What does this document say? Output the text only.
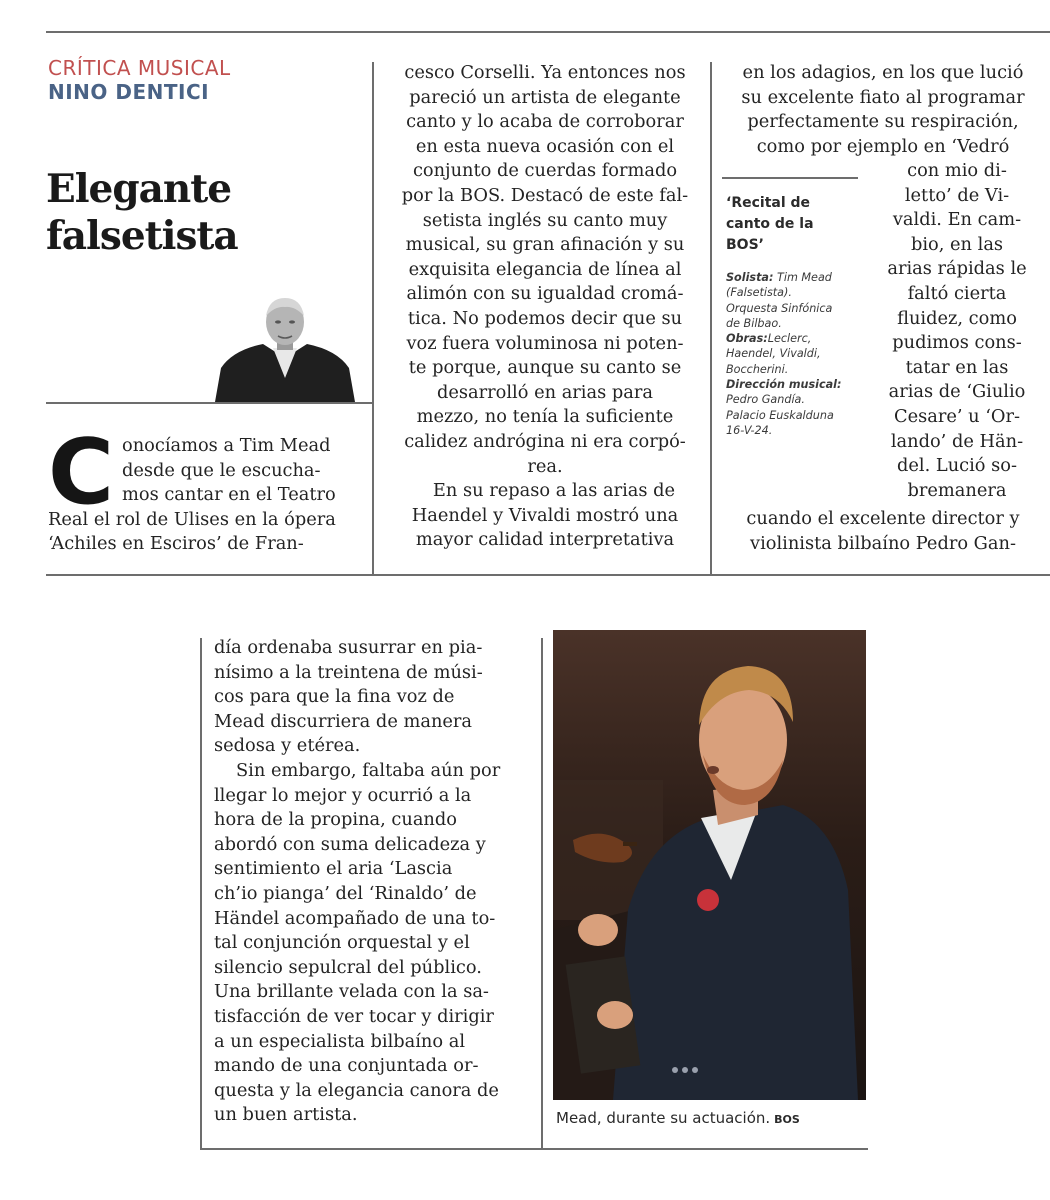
CRÍTICA MUSICAL
NINO DENTICI
Elegante
falsetista
C onocíamos a Tim Mead

desde que le escucha-

mos cantar en el Teatro

Real el rol de Ulises en la ópera

‘Achiles en Esciros’ de Fran-

cesco Corselli. Ya entonces nos

pareció un artista de elegante

canto y lo acaba de corroborar

en esta nueva ocasión con el

conjunto de cuerdas formado

por la BOS. Destacó de este fal-

setista inglés su canto muy

musical, su gran afinación y su

exquisita elegancia de línea al

alimón con su igualdad cromá-

tica. No podemos decir que su

voz fuera voluminosa ni poten-

te porque, aunque su canto se

desarrolló en arias para

mezzo, no tenía la suficiente

calidez andrógina ni era corpó-

rea.

En su repaso a las arias de

Haendel y Vivaldi mostró una

mayor calidad interpretativa

en los adagios, en los que lució

su excelente fiato al programar

perfectamente su respiración,

como por ejemplo en ‘Vedró

‘Recital de
canto de la
BOS’
Solista: Tim Mead
(Falsetista).
Orquesta Sinfónica
de Bilbao.
Obras:Leclerc,
Haendel, Vivaldi,
Boccherini.
Dirección musical:
Pedro Gandía.
Palacio Euskalduna
16-V-24.

con mio di-

letto’ de Vi-

valdi. En cam-

bio, en las

arias rápidas le

faltó cierta

fluidez, como

pudimos cons-

tatar en las

arias de ‘Giulio

Cesare’ u ‘Or-

lando’ de Hän-

del. Lució so-

bremanera

cuando el excelente director y

violinista bilbaíno Pedro Gan-

día ordenaba susurrar en pia-

nísimo a la treintena de músi-

cos para que la fina voz de

Mead discurriera de manera

sedosa y etérea.

Sin embargo, faltaba aún por

llegar lo mejor y ocurrió a la

hora de la propina, cuando

abordó con suma delicadeza y

sentimiento el aria ‘Lascia

ch’io pianga’ del ‘Rinaldo’ de

Händel acompañado de una to-

tal conjunción orquestal y el

silencio sepulcral del público.

Una brillante velada con la sa-

tisfacción de ver tocar y dirigir

a un especialista bilbaíno al

mando de una conjuntada or-

questa y la elegancia canora de

un buen artista.	Mead, durante su actuación. BOS
